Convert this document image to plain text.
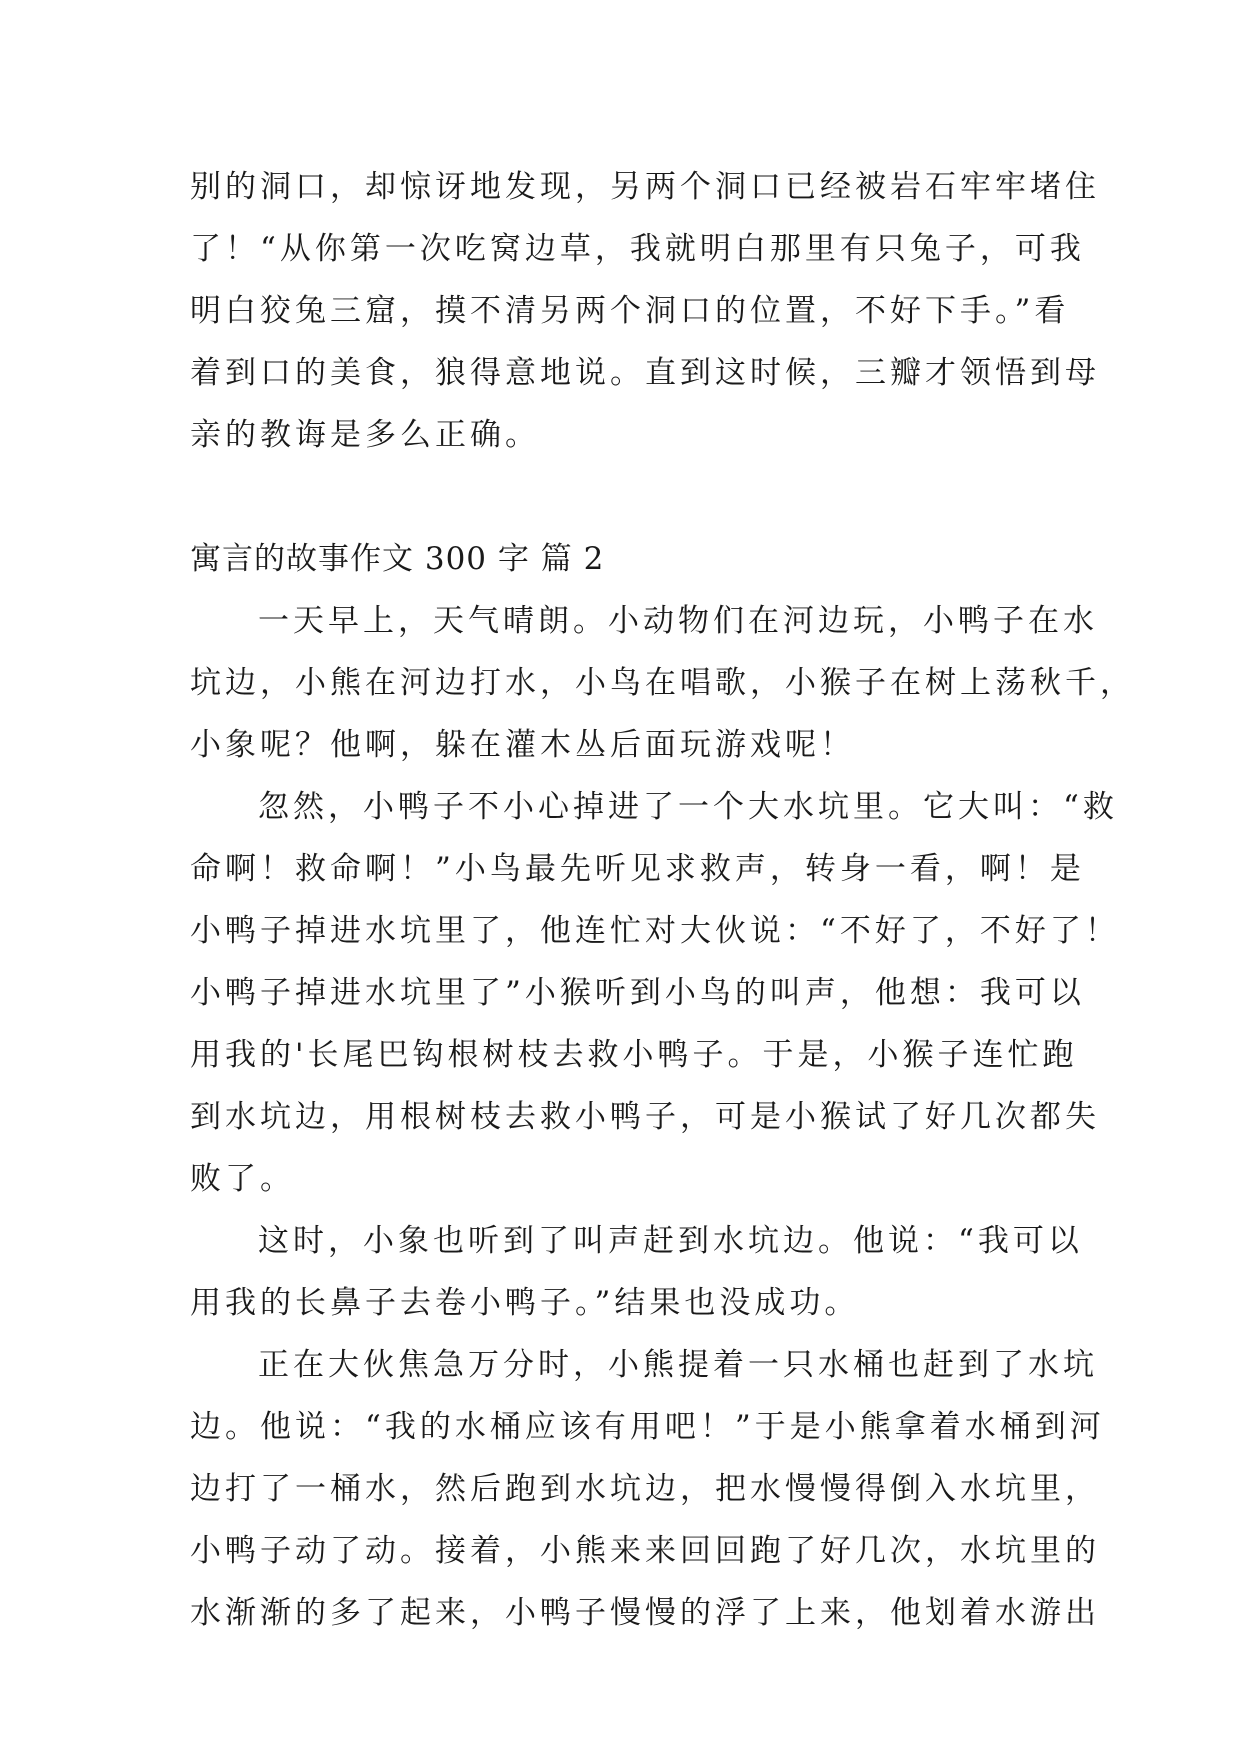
别的洞口，却惊讶地发现，另两个洞口已经被岩石牢牢堵住
了！“从你第一次吃窝边草，我就明白那里有只兔子，可我
明白狡兔三窟，摸不清另两个洞口的位置，不好下手。”看
着到口的美食，狼得意地说。直到这时候，三瓣才领悟到母
亲的教诲是多么正确。
寓言的故事作文 300 字 篇 2
一天早上，天气晴朗。小动物们在河边玩，小鸭子在水
坑边，小熊在河边打水，小鸟在唱歌，小猴子在树上荡秋千，
小象呢？他啊，躲在灌木丛后面玩游戏呢！
忽然，小鸭子不小心掉进了一个大水坑里。它大叫：“救
命啊！救命啊！”小鸟最先听见求救声，转身一看，啊！是
小鸭子掉进水坑里了，他连忙对大伙说：“不好了，不好了！
小鸭子掉进水坑里了”小猴听到小鸟的叫声，他想：我可以
用我的'长尾巴钩根树枝去救小鸭子。于是，小猴子连忙跑
到水坑边，用根树枝去救小鸭子，可是小猴试了好几次都失
败了。
这时，小象也听到了叫声赶到水坑边。他说：“我可以
用我的长鼻子去卷小鸭子。”结果也没成功。
正在大伙焦急万分时，小熊提着一只水桶也赶到了水坑
边。他说：“我的水桶应该有用吧！”于是小熊拿着水桶到河
边打了一桶水，然后跑到水坑边，把水慢慢得倒入水坑里，
小鸭子动了动。接着，小熊来来回回跑了好几次，水坑里的
水渐渐的多了起来，小鸭子慢慢的浮了上来，他划着水游出
